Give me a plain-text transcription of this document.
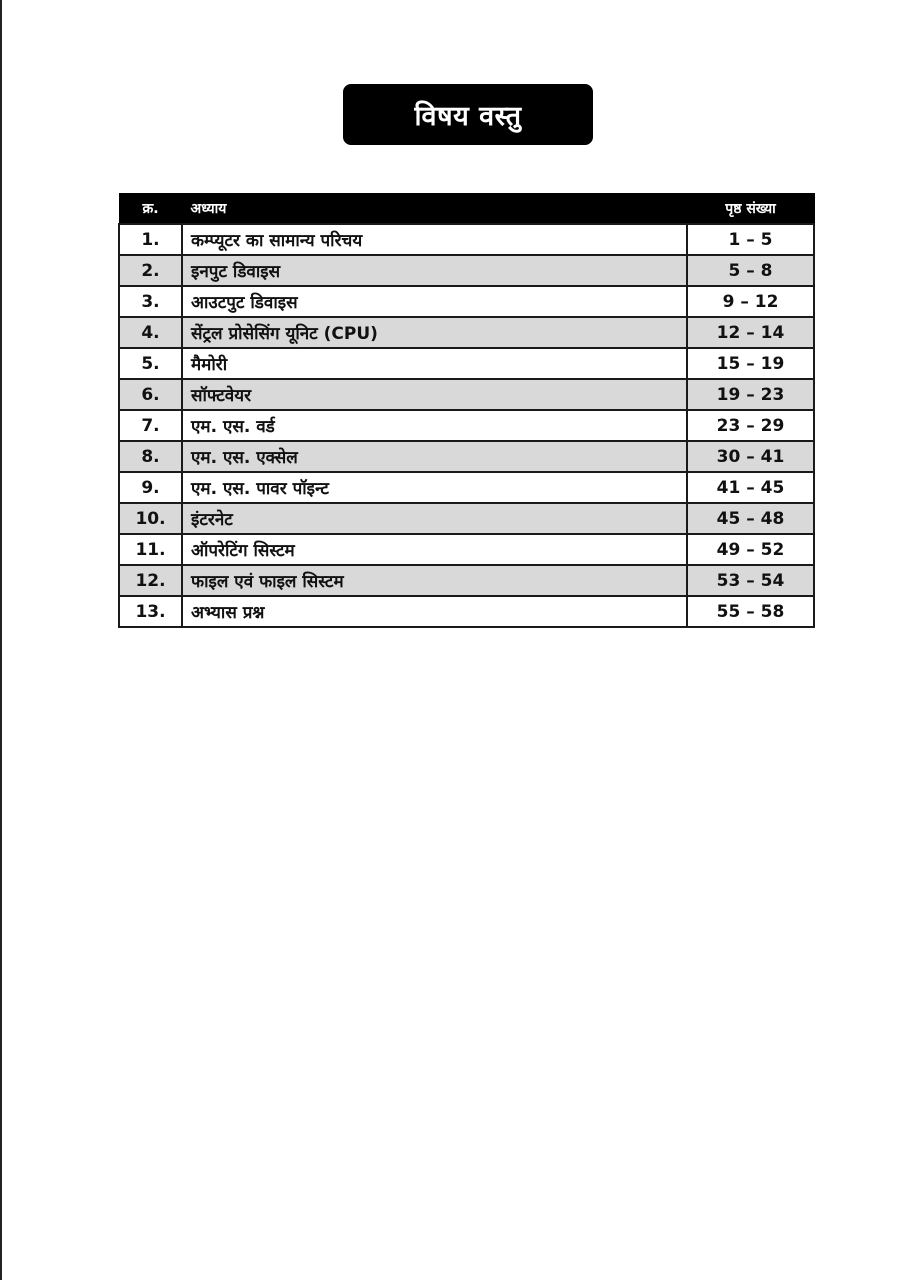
विषय वस्तु
क्र.	अध्याय	पृष्ठ संख्या
1.	कम्प्यूटर का सामान्य परिचय	1 – 5
2.	इनपुट डिवाइस	5 – 8
3.	आउटपुट डिवाइस	9 – 12
4.	सेंट्रल प्रोसेसिंग यूनिट (CPU)	12 – 14
5.	मैमोरी	15 – 19
6.	सॉफ्टवेयर	19 – 23
7.	एम. एस. वर्ड	23 – 29
8.	एम. एस. एक्सेल	30 – 41
9.	एम. एस. पावर पॉइन्ट	41 – 45
10.	इंटरनेट	45 – 48
11.	ऑपरेटिंग सिस्टम	49 – 52
12.	फाइल एवं फाइल सिस्टम	53 – 54
13.	अभ्यास प्रश्न	55 – 58
